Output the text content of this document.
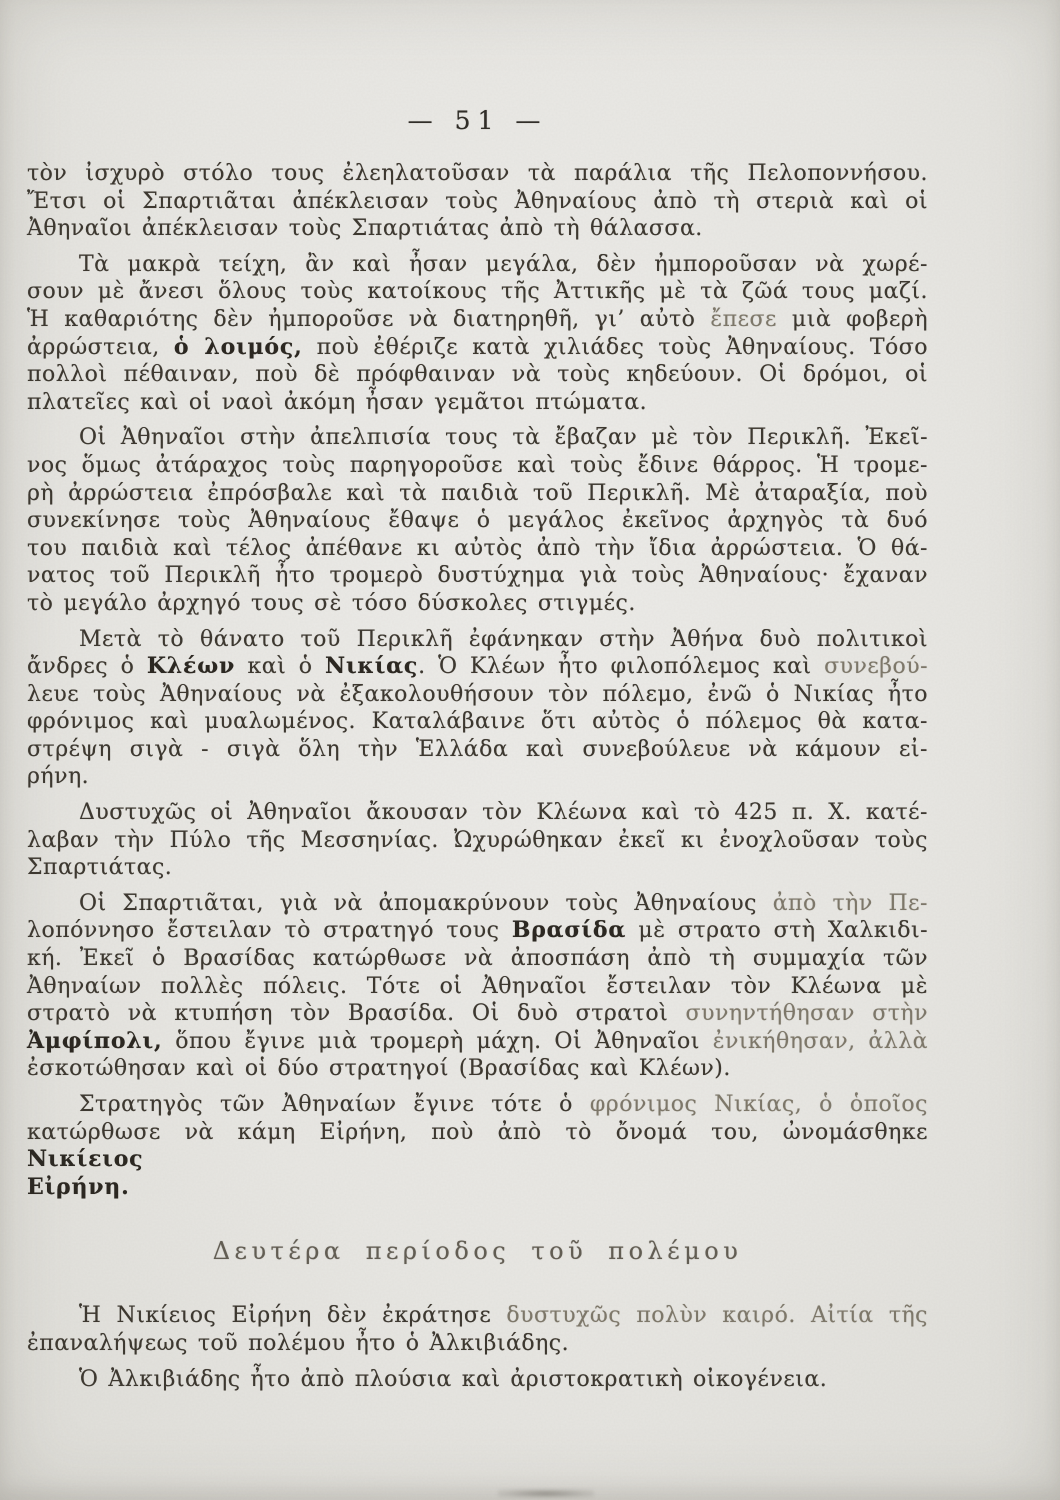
— 51 —
τὸν ἰσχυρὸ στόλο τους ἐλεηλατοῦσαν τὰ παράλια τῆς Πελοποννήσου.
Ἔτσι οἱ Σπαρτιᾶται ἀπέκλεισαν τοὺς Ἀθηναίους ἀπὸ τὴ στεριὰ καὶ οἱ
Ἀθηναῖοι ἀπέκλεισαν τοὺς Σπαρτιάτας ἀπὸ τὴ θάλασσα.
Τὰ μακρὰ τείχη, ἂν καὶ ἦσαν μεγάλα, δὲν ἠμποροῦσαν νὰ χωρέ-
σουν μὲ ἄνεσι ὅλους τοὺς κατοίκους τῆς Ἀττικῆς μὲ τὰ ζῶά τους μαζί.
Ἡ καθαριότης δὲν ἠμποροῦσε νὰ διατηρηθῆ, γι’ αὐτὸ ἔπεσε μιὰ φοβερὴ
ἀρρώστεια, ὁ λοιμός, ποὺ ἐθέριζε κατὰ χιλιάδες τοὺς Ἀθηναίους. Τόσο
πολλοὶ πέθαιναν, ποὺ δὲ πρόφθαιναν νὰ τοὺς κηδεύουν. Οἱ δρόμοι, οἱ
πλατεῖες καὶ οἱ ναοὶ ἀκόμη ἦσαν γεμᾶτοι πτώματα.
Οἱ Ἀθηναῖοι στὴν ἀπελπισία τους τὰ ἔβαζαν μὲ τὸν Περικλῆ. Ἐκεῖ-
νος ὅμως ἀτάραχος τοὺς παρηγοροῦσε καὶ τοὺς ἔδινε θάρρος. Ἡ τρομε-
ρὴ ἀρρώστεια ἐπρόσβαλε καὶ τὰ παιδιὰ τοῦ Περικλῆ. Μὲ ἀταραξία, ποὺ
συνεκίνησε τοὺς Ἀθηναίους ἔθαψε ὁ μεγάλος ἐκεῖνος ἀρχηγὸς τὰ δυό
του παιδιὰ καὶ τέλος ἀπέθανε κι αὐτὸς ἀπὸ τὴν ἴδια ἀρρώστεια. Ὁ θά-
νατος τοῦ Περικλῆ ἦτο τρομερὸ δυστύχημα γιὰ τοὺς Ἀθηναίους· ἔχαναν
τὸ μεγάλο ἀρχηγό τους σὲ τόσο δύσκολες στιγμές.
Μετὰ τὸ θάνατο τοῦ Περικλῆ ἐφάνηκαν στὴν Ἀθήνα δυὸ πολιτικοὶ
ἄνδρες ὁ Κλέων καὶ ὁ Νικίας. Ὁ Κλέων ἦτο φιλοπόλεμος καὶ συνεβού-
λευε τοὺς Ἀθηναίους νὰ ἐξακολουθήσουν τὸν πόλεμο, ἐνῶ ὁ Νικίας ἦτο
φρόνιμος καὶ μυαλωμένος. Καταλάβαινε ὅτι αὐτὸς ὁ πόλεμος θὰ κατα-
στρέψη σιγὰ - σιγὰ ὅλη τὴν Ἑλλάδα καὶ συνεβούλευε νὰ κάμουν εἰ-
ρήνη.
Δυστυχῶς οἱ Ἀθηναῖοι ἄκουσαν τὸν Κλέωνα καὶ τὸ 425 π. Χ. κατέ-
λαβαν τὴν Πύλο τῆς Μεσσηνίας. Ὠχυρώθηκαν ἐκεῖ κι ἐνοχλοῦσαν τοὺς
Σπαρτιάτας.
Οἱ Σπαρτιᾶται, γιὰ νὰ ἀπομακρύνουν τοὺς Ἀθηναίους ἀπὸ τὴν Πε-
λοπόννησο ἔστειλαν τὸ στρατηγό τους Βρασίδα μὲ στρατο στὴ Χαλκιδι-
κή. Ἐκεῖ ὁ Βρασίδας κατώρθωσε νὰ ἀποσπάση ἀπὸ τὴ συμμαχία τῶν
Ἀθηναίων πολλὲς πόλεις. Τότε οἱ Ἀθηναῖοι ἔστειλαν τὸν Κλέωνα μὲ
στρατὸ νὰ κτυπήση τὸν Βρασίδα. Οἱ δυὸ στρατοὶ συνηντήθησαν στὴν
Ἀμφίπολι, ὅπου ἔγινε μιὰ τρομερὴ μάχη. Οἱ Ἀθηναῖοι ἐνικήθησαν, ἀλλὰ
ἐσκοτώθησαν καὶ οἱ δύο στρατηγοί (Βρασίδας καὶ Κλέων).
Στρατηγὸς τῶν Ἀθηναίων ἔγινε τότε ὁ φρόνιμος Νικίας, ὁ ὁποῖος
κατώρθωσε νὰ κάμη Εἰρήνη, ποὺ ἀπὸ τὸ ὄνομά του, ὠνομάσθηκε Νικίειος
Εἰρήνη.
Δευτέρα περίοδος τοῦ πολέμου
Ἡ Νικίειος Εἰρήνη δὲν ἐκράτησε δυστυχῶς πολὺν καιρό. Αἰτία τῆς
ἐπαναλήψεως τοῦ πολέμου ἦτο ὁ Ἀλκιβιάδης.
Ὁ Ἀλκιβιάδης ἦτο ἀπὸ πλούσια καὶ ἀριστοκρατικὴ οἰκογένεια.
